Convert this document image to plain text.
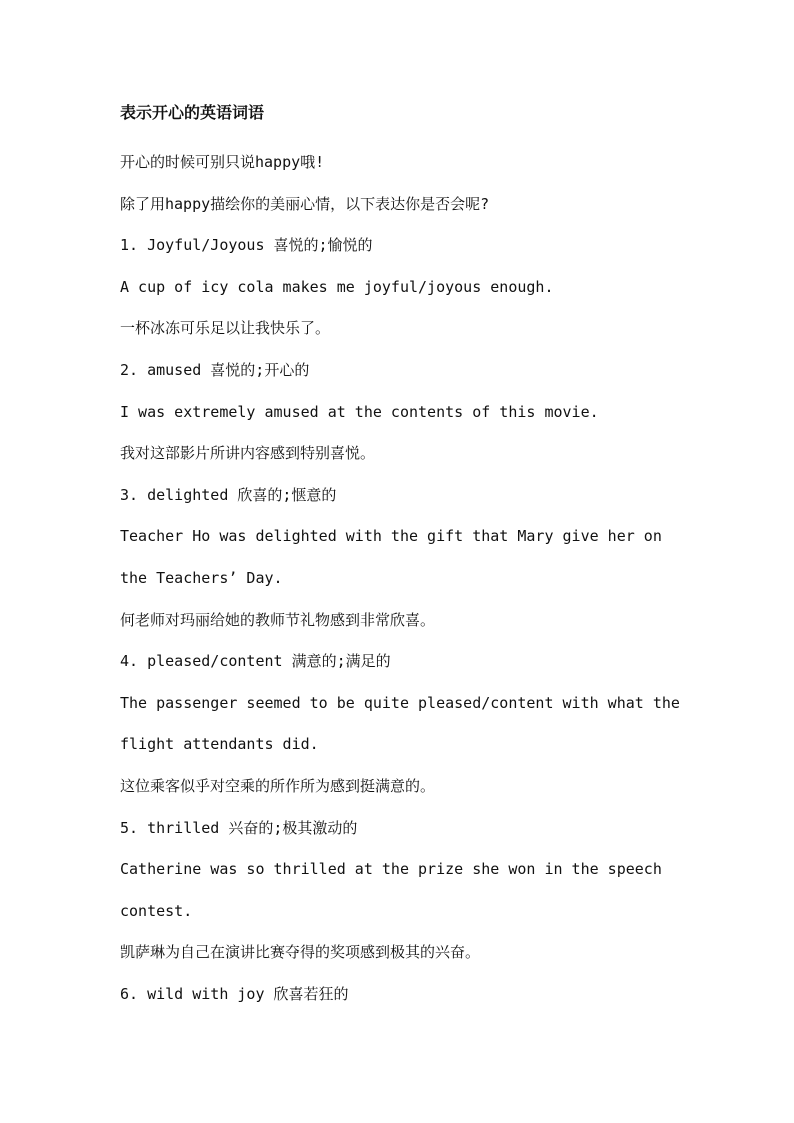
表示开心的英语词语

开心的时候可别只说happy哦!

除了用happy描绘你的美丽心情，以下表达你是否会呢?

1. Joyful/Joyous 喜悦的;愉悦的

A cup of icy cola makes me joyful/joyous enough.

一杯冰冻可乐足以让我快乐了。

2. amused 喜悦的;开心的

I was extremely amused at the contents of this movie.

我对这部影片所讲内容感到特别喜悦。

3. delighted 欣喜的;惬意的

Teacher Ho was delighted with the gift that Mary give her on

the Teachers’ Day.

何老师对玛丽给她的教师节礼物感到非常欣喜。

4. pleased/content 满意的;满足的

The passenger seemed to be quite pleased/content with what the

flight attendants did.

这位乘客似乎对空乘的所作所为感到挺满意的。

5. thrilled 兴奋的;极其激动的

Catherine was so thrilled at the prize she won in the speech

contest.

凯萨琳为自己在演讲比赛夺得的奖项感到极其的兴奋。

6. wild with joy 欣喜若狂的
